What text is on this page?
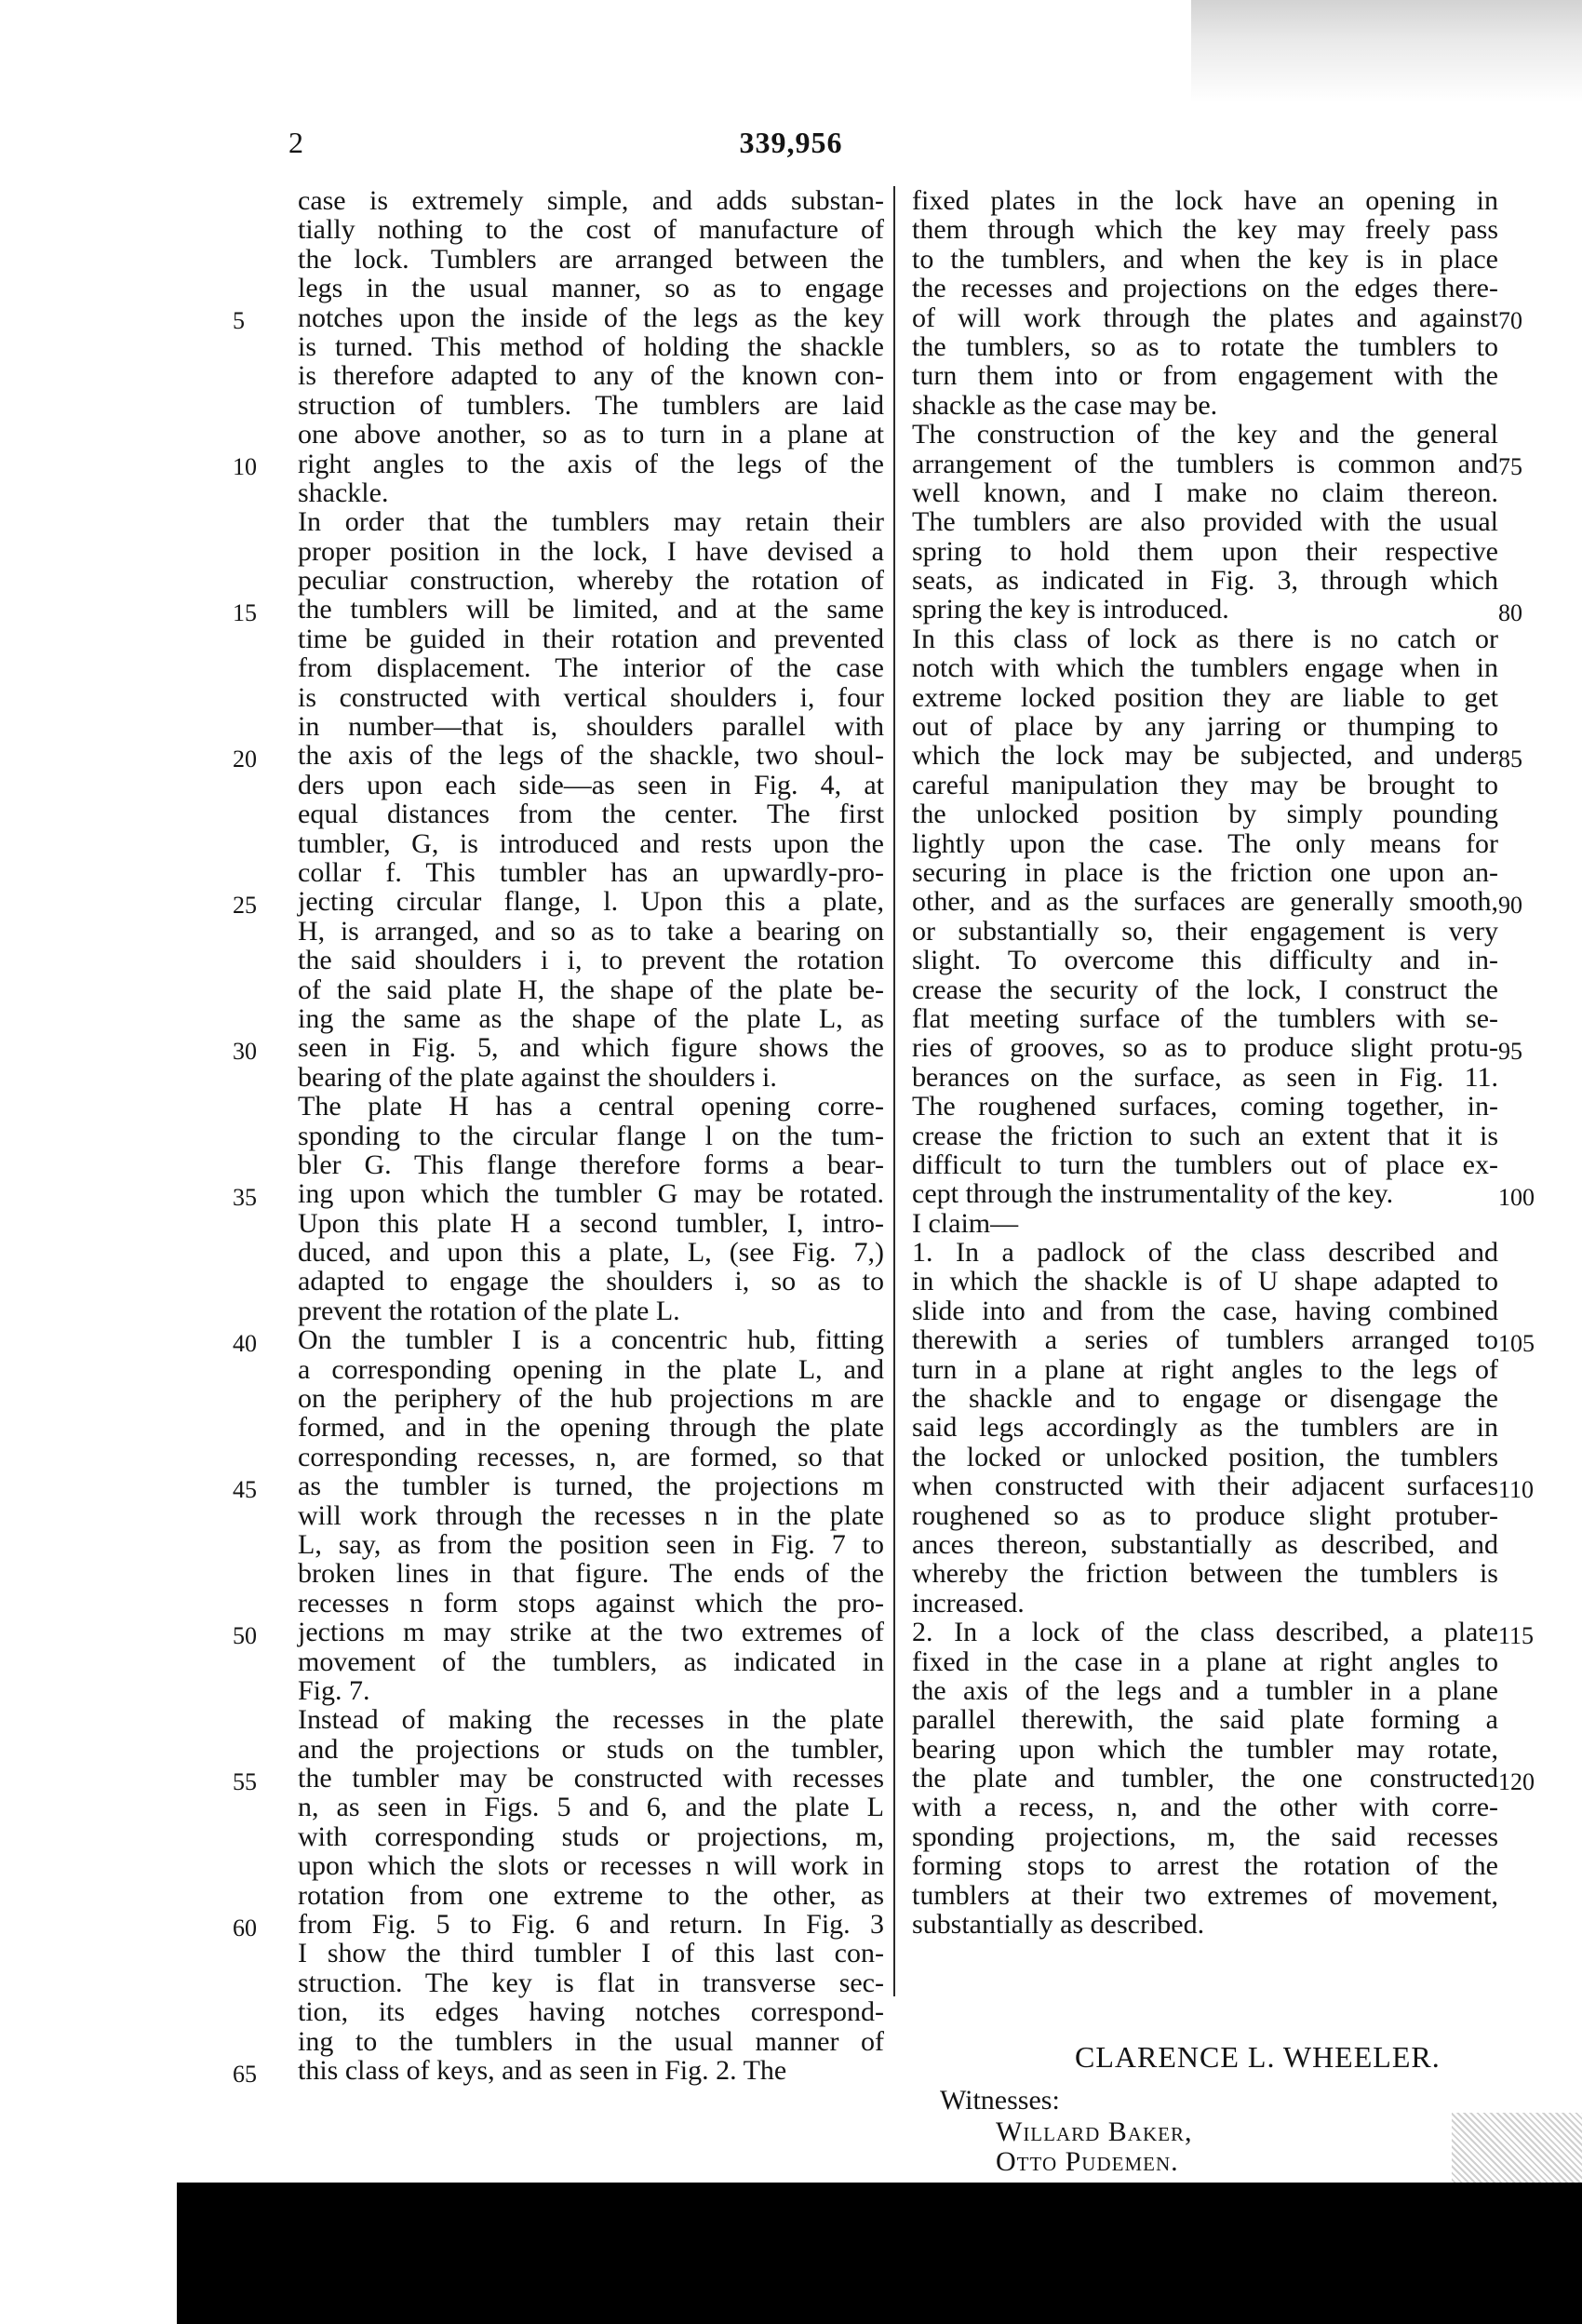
2	339,956
case is extremely simple, and adds substan-
tially nothing to the cost of manufacture of
the lock. Tumblers are arranged between the
legs in the usual manner, so as to engage
notches upon the inside of the legs as the key
is turned. This method of holding the shackle
is therefore adapted to any of the known con-
struction of tumblers. The tumblers are laid
one above another, so as to turn in a plane at
right angles to the axis of the legs of the
shackle.
In order that the tumblers may retain their
proper position in the lock, I have devised a
peculiar construction, whereby the rotation of
the tumblers will be limited, and at the same
time be guided in their rotation and prevented
from displacement. The interior of the case
is constructed with vertical shoulders i, four
in number—that is, shoulders parallel with
the axis of the legs of the shackle, two shoul-
ders upon each side—as seen in Fig. 4, at
equal distances from the center. The first
tumbler, G, is introduced and rests upon the
collar f. This tumbler has an upwardly-pro-
jecting circular flange, l. Upon this a plate,
H, is arranged, and so as to take a bearing on
the said shoulders i i, to prevent the rotation
of the said plate H, the shape of the plate be-
ing the same as the shape of the plate L, as
seen in Fig. 5, and which figure shows the
bearing of the plate against the shoulders i.
The plate H has a central opening corre-
sponding to the circular flange l on the tum-
bler G. This flange therefore forms a bear-
ing upon which the tumbler G may be rotated.
Upon this plate H a second tumbler, I, intro-
duced, and upon this a plate, L, (see Fig. 7,)
adapted to engage the shoulders i, so as to
prevent the rotation of the plate L.
On the tumbler I is a concentric hub, fitting
a corresponding opening in the plate L, and
on the periphery of the hub projections m are
formed, and in the opening through the plate
corresponding recesses, n, are formed, so that
as the tumbler is turned, the projections m
will work through the recesses n in the plate
L, say, as from the position seen in Fig. 7 to
broken lines in that figure. The ends of the
recesses n form stops against which the pro-
jections m may strike at the two extremes of
movement of the tumblers, as indicated in
Fig. 7.
Instead of making the recesses in the plate
and the projections or studs on the tumbler,
the tumbler may be constructed with recesses
n, as seen in Figs. 5 and 6, and the plate L
with corresponding studs or projections, m,
upon which the slots or recesses n will work in
rotation from one extreme to the other, as
from Fig. 5 to Fig. 6 and return. In Fig. 3
I show the third tumbler I of this last con-
struction. The key is flat in transverse sec-
tion, its edges having notches correspond-
ing to the tumblers in the usual manner of
this class of keys, and as seen in Fig. 2. The
fixed plates in the lock have an opening in
them through which the key may freely pass
to the tumblers, and when the key is in place
the recesses and projections on the edges there-
of will work through the plates and against
the tumblers, so as to rotate the tumblers to
turn them into or from engagement with the
shackle as the case may be.
The construction of the key and the general
arrangement of the tumblers is common and
well known, and I make no claim thereon.
The tumblers are also provided with the usual
spring to hold them upon their respective
seats, as indicated in Fig. 3, through which
spring the key is introduced.
In this class of lock as there is no catch or
notch with which the tumblers engage when in
extreme locked position they are liable to get
out of place by any jarring or thumping to
which the lock may be subjected, and under
careful manipulation they may be brought to
the unlocked position by simply pounding
lightly upon the case. The only means for
securing in place is the friction one upon an-
other, and as the surfaces are generally smooth,
or substantially so, their engagement is very
slight. To overcome this difficulty and in-
crease the security of the lock, I construct the
flat meeting surface of the tumblers with se-
ries of grooves, so as to produce slight protu-
berances on the surface, as seen in Fig. 11.
The roughened surfaces, coming together, in-
crease the friction to such an extent that it is
difficult to turn the tumblers out of place ex-
cept through the instrumentality of the key.
I claim—
1. In a padlock of the class described and
in which the shackle is of U shape adapted to
slide into and from the case, having combined
therewith a series of tumblers arranged to
turn in a plane at right angles to the legs of
the shackle and to engage or disengage the
said legs accordingly as the tumblers are in
the locked or unlocked position, the tumblers
when constructed with their adjacent surfaces
roughened so as to produce slight protuber-
ances thereon, substantially as described, and
whereby the friction between the tumblers is
increased.
2. In a lock of the class described, a plate
fixed in the case in a plane at right angles to
the axis of the legs and a tumbler in a plane
parallel therewith, the said plate forming a
bearing upon which the tumbler may rotate,
the plate and tumbler, the one constructed
with a recess, n, and the other with corre-
sponding projections, m, the said recesses
forming stops to arrest the rotation of the
tumblers at their two extremes of movement,
substantially as described.
5
10
15
20
25
30
35
40
45
50
55
60
65
70
75
80
85
90
95
100
105
110
115
120
CLARENCE L. WHEELER.
Witnesses:
Willard Baker,
Otto Pudemen.
